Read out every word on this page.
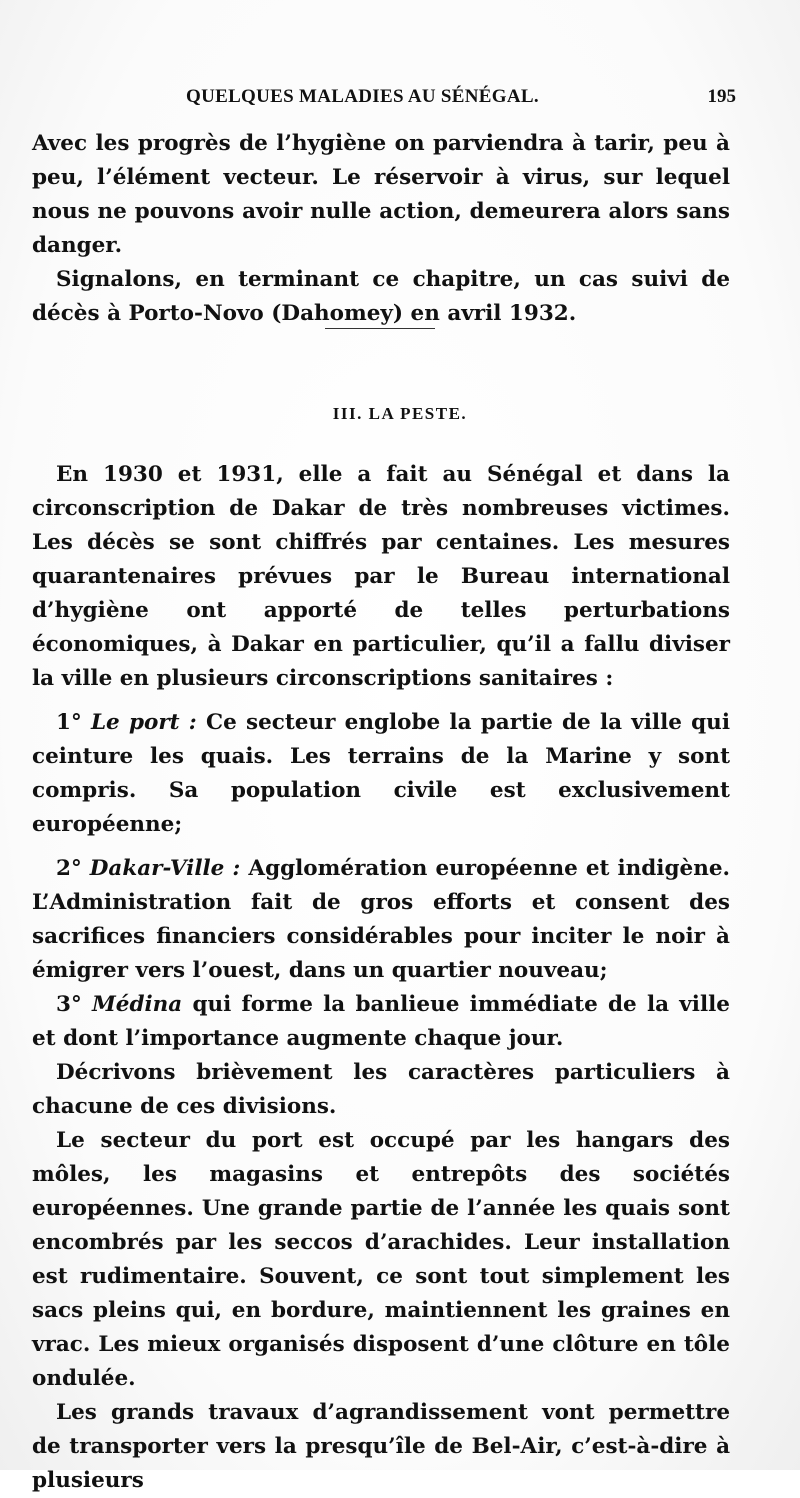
QUELQUES MALADIES AU SÉNÉGAL.	195

Avec les progrès de l’hygiène on parviendra à tarir, peu à peu, l’élément vecteur. Le réservoir à virus, sur lequel nous ne pouvons avoir nulle action, demeurera alors sans danger.

Signalons, en terminant ce chapitre, un cas suivi de décès à Porto-Novo (Dahomey) en avril 1932.

III. LA PESTE.

En 1930 et 1931, elle a fait au Sénégal et dans la circonscription de Dakar de très nombreuses victimes. Les décès se sont chiffrés par centaines. Les mesures quarantenaires prévues par le Bureau international d’hygiène ont apporté de telles perturbations économiques, à Dakar en particulier, qu’il a fallu diviser la ville en plusieurs circonscriptions sanitaires :

1° Le port : Ce secteur englobe la partie de la ville qui ceinture les quais. Les terrains de la Marine y sont compris. Sa population civile est exclusivement européenne;

2° Dakar-Ville : Agglomération européenne et indigène. L’Administration fait de gros efforts et consent des sacrifices financiers considérables pour inciter le noir à émigrer vers l’ouest, dans un quartier nouveau;

3° Médina qui forme la banlieue immédiate de la ville et dont l’importance augmente chaque jour.

Décrivons brièvement les caractères particuliers à chacune de ces divisions.

Le secteur du port est occupé par les hangars des môles, les magasins et entrepôts des sociétés européennes. Une grande partie de l’année les quais sont encombrés par les seccos d’arachides. Leur installation est rudimentaire. Souvent, ce sont tout simplement les sacs pleins qui, en bordure, maintiennent les graines en vrac. Les mieux organisés disposent d’une clôture en tôle ondulée.

Les grands travaux d’agrandissement vont permettre de transporter vers la presqu’île de Bel-Air, c’est-à-dire à plusieurs
